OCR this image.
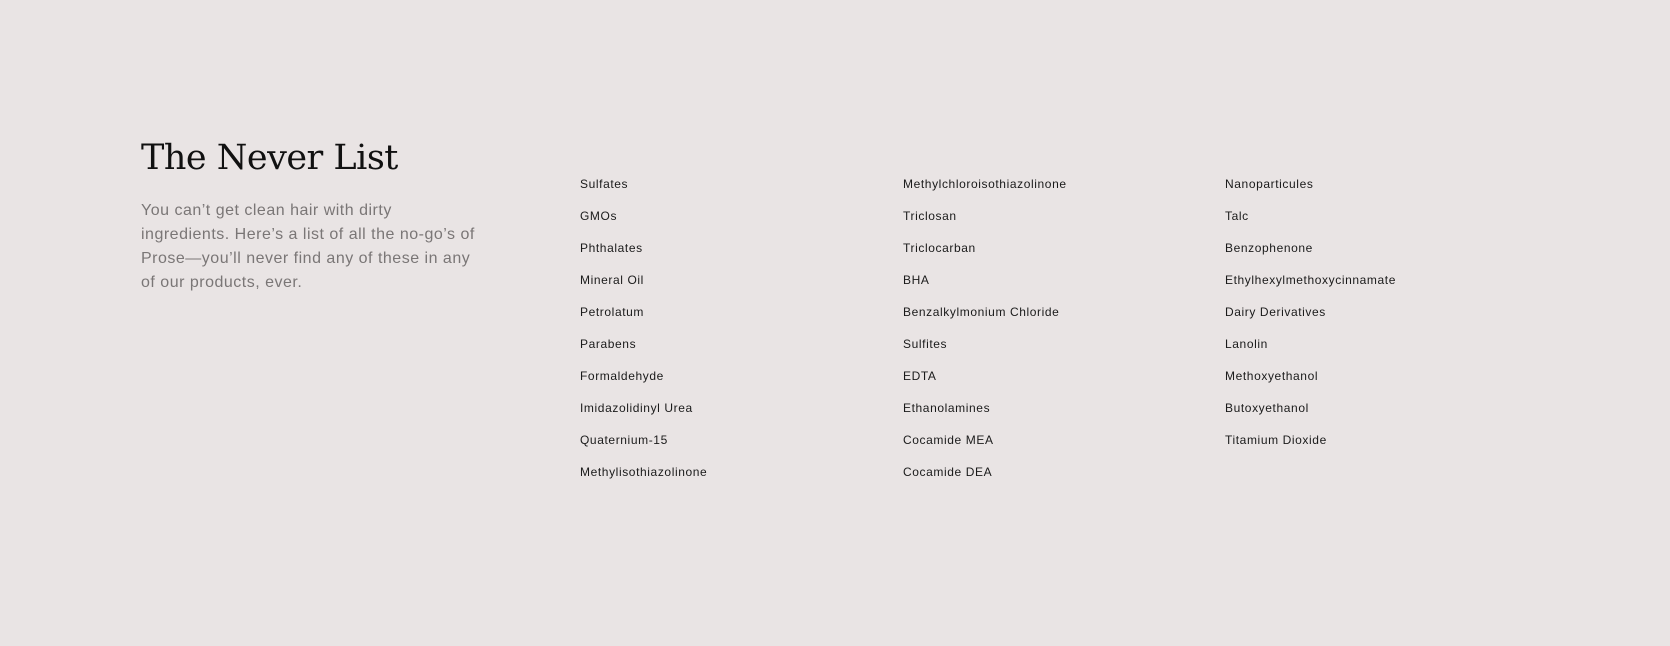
The Never List

You can’t get clean hair with dirty ingredients. Here’s a list of all the no-go’s of Prose—you’ll never find any of these in any of our products, ever.

Sulfates
GMOs
Phthalates
Mineral Oil
Petrolatum
Parabens
Formaldehyde
Imidazolidinyl Urea
Quaternium-15
Methylisothiazolinone
Methylchloroisothiazolinone
Triclosan
Triclocarban
BHA
Benzalkylmonium Chloride
Sulfites
EDTA
Ethanolamines
Cocamide MEA
Cocamide DEA
Nanoparticules
Talc
Benzophenone
Ethylhexylmethoxycinnamate
Dairy Derivatives
Lanolin
Methoxyethanol
Butoxyethanol
Titamium Dioxide
